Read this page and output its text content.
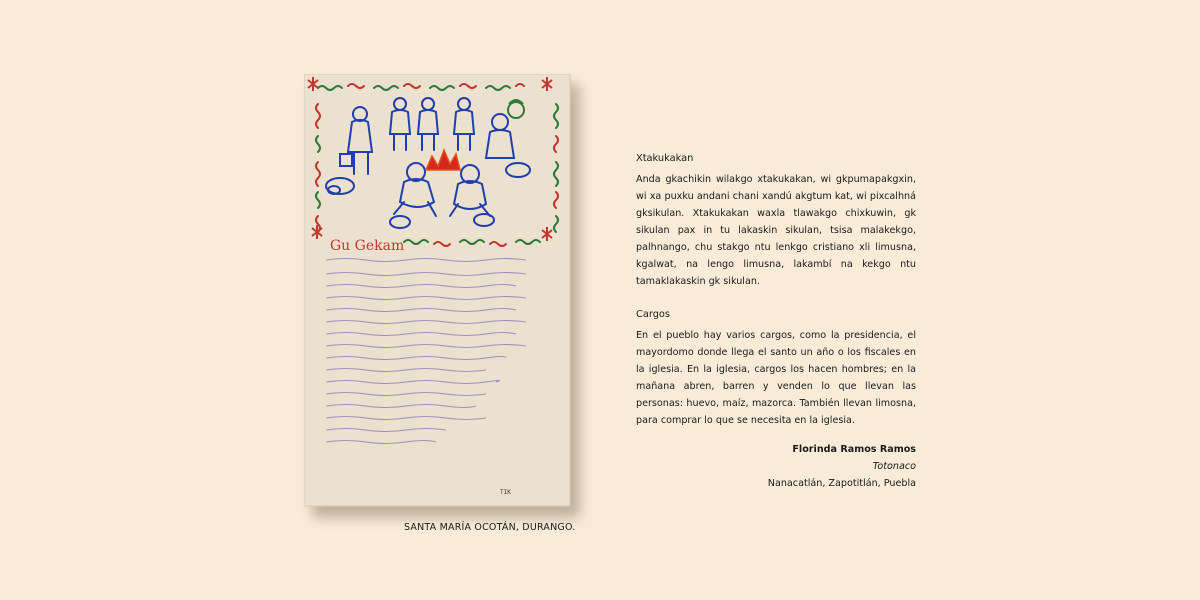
Gu Gekam
TIK
SANTA MARÍA OCOTÁN, DURANGO.
Xtakukakan

Anda gkachikin wilakgo xtakukakan, wi gkpumapakgxin, wi xa puxku andani chani xandú akgtum kat, wi pixcalhná gksikulan. Xtakukakan waxla tlawakgo chixkuwin, gk sikulan pax in tu lakaskin sikulan, tsisa malakekgo, palhnango, chu stakgo ntu lenkgo cristiano xli limusna, kgalwat, na lengo limusna, lakambí na kekgo ntu tamaklakaskin gk sikulan.

Cargos

En el pueblo hay varios cargos, como la presidencia, el mayordomo donde llega el santo un año o los fiscales en la iglesia. En la iglesia, cargos los hacen hombres; en la mañana abren, barren y venden lo que llevan las personas: huevo, maíz, mazorca. También llevan limosna, para comprar lo que se necesita en la iglesia.

Florinda Ramos Ramos
Totonaco
Nanacatlán, Zapotitlán, Puebla
